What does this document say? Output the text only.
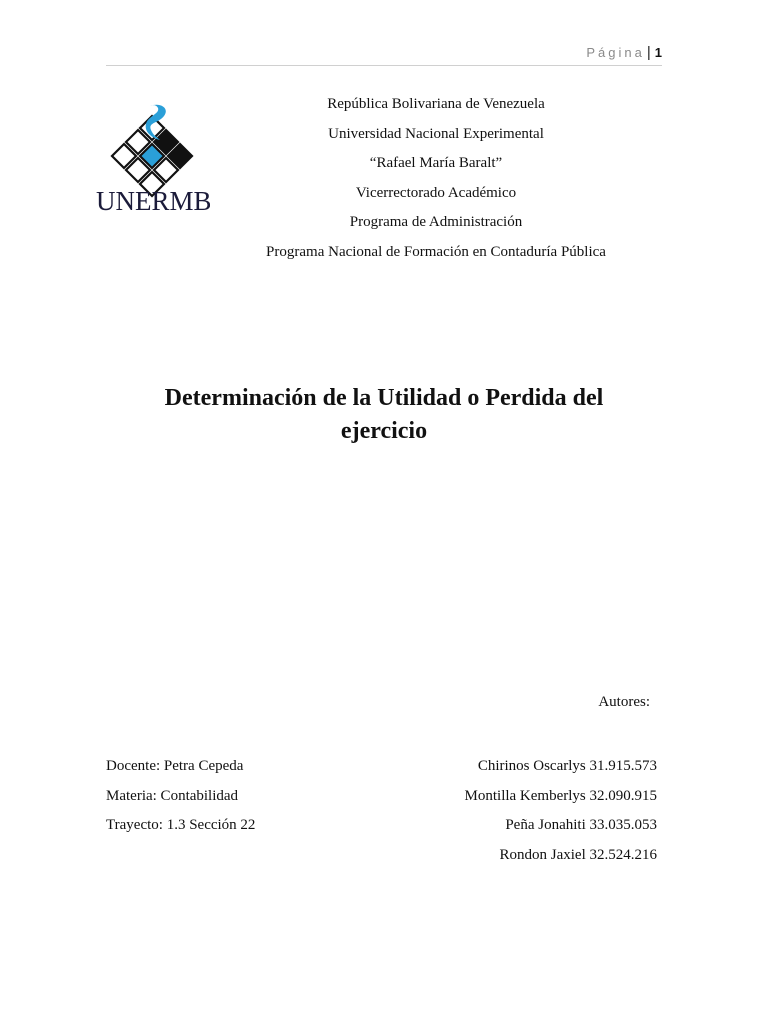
Página | 1
UNERMB
República Bolivariana de Venezuela
Universidad Nacional Experimental
“Rafael María Baralt”
Vicerrectorado Académico
Programa de Administración
Programa Nacional de Formación en Contaduría Pública
Determinación de la Utilidad o Perdida del
ejercicio
Autores:
Docente: Petra Cepeda
Materia: Contabilidad
Trayecto: 1.3 Sección 22
Chirinos Oscarlys 31.915.573
Montilla Kemberlys 32.090.915
Peña Jonahiti 33.035.053
Rondon Jaxiel 32.524.216
